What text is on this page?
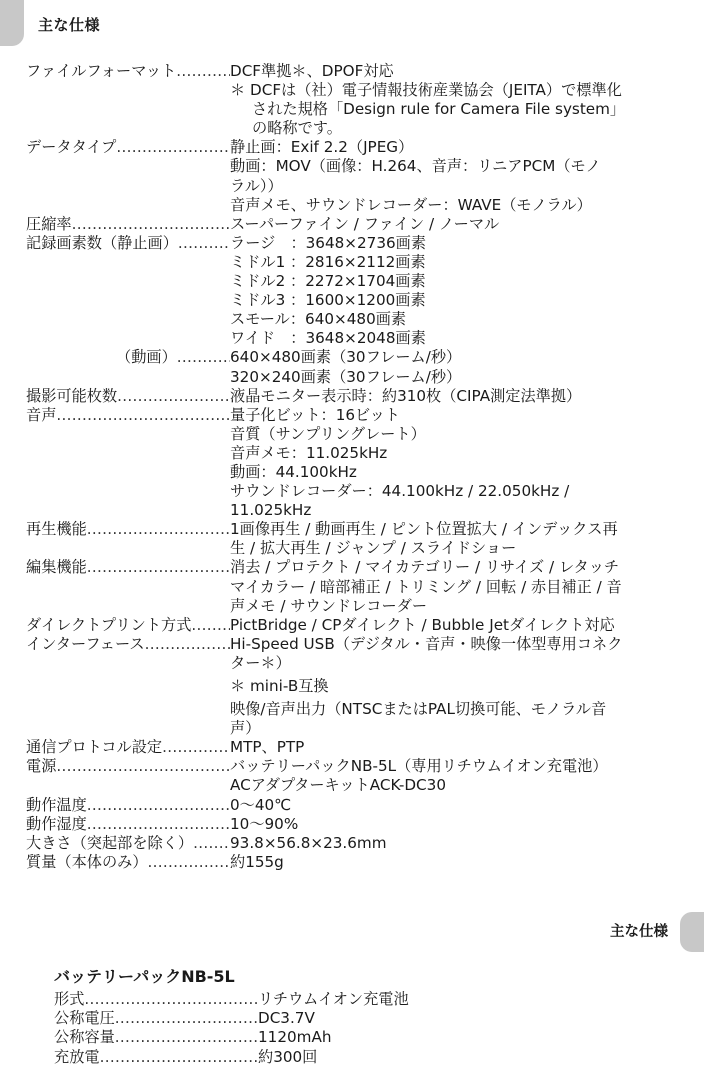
主な仕様
ファイルフォーマット .....	DCF準拠＊、DPOF対応
＊ DCFは（社）電子情報技術産業協会（JEITA）で標準化
された規格「Design rule for Camera File system」
の略称です。
データタイプ .....	静止画：Exif 2.2（JPEG）
動画：MOV（画像：H.264、音声：リニアPCM（モノ
ラル））
音声メモ、サウンドレコーダー：WAVE（モノラル）
圧縮率 .....	スーパーファイン / ファイン / ノーマル
記録画素数（静止画） .....	ラージ　：3648×2736画素
ミドル1 ：2816×2112画素
ミドル2 ：2272×1704画素
ミドル3 ：1600×1200画素
スモール：640×480画素
ワイド　：3648×2048画素
（動画） .....	640×480画素（30フレーム/秒）
320×240画素（30フレーム/秒）
撮影可能枚数 .....	液晶モニター表示時：約310枚（CIPA測定法準拠）
音声 .....	量子化ビット：16ビット
音質（サンプリングレート）
音声メモ：11.025kHz
動画：44.100kHz
サウンドレコーダー：44.100kHz / 22.050kHz /
11.025kHz
再生機能 .....	1画像再生 / 動画再生 / ピント位置拡大 / インデックス再
生 / 拡大再生 / ジャンプ / スライドショー
編集機能 .....	消去 / プロテクト / マイカテゴリー / リサイズ / レタッチ
マイカラー / 暗部補正 / トリミング / 回転 / 赤目補正 / 音
声メモ / サウンドレコーダー
ダイレクトプリント方式 .....	PictBridge / CPダイレクト / Bubble Jetダイレクト対応
インターフェース .....	Hi-Speed USB（デジタル・音声・映像一体型専用コネク
ター＊）
＊ mini-B互換
映像/音声出力（NTSCまたはPAL切換可能、モノラル音
声）
通信プロトコル設定 .....	MTP、PTP
電源 .....	バッテリーパックNB-5L（専用リチウムイオン充電池）
ACアダプターキットACK-DC30
動作温度 .....	0～40℃
動作湿度 .....	10～90%
大きさ（突起部を除く） ..... 93.8×56.8×23.6mm
質量（本体のみ） .....	約155g
主な仕様
バッテリーパックNB-5L
形式 .....	リチウムイオン充電池
公称電圧 .....	DC3.7V
公称容量 .....	1120mAh
充放電 .....	約300回
